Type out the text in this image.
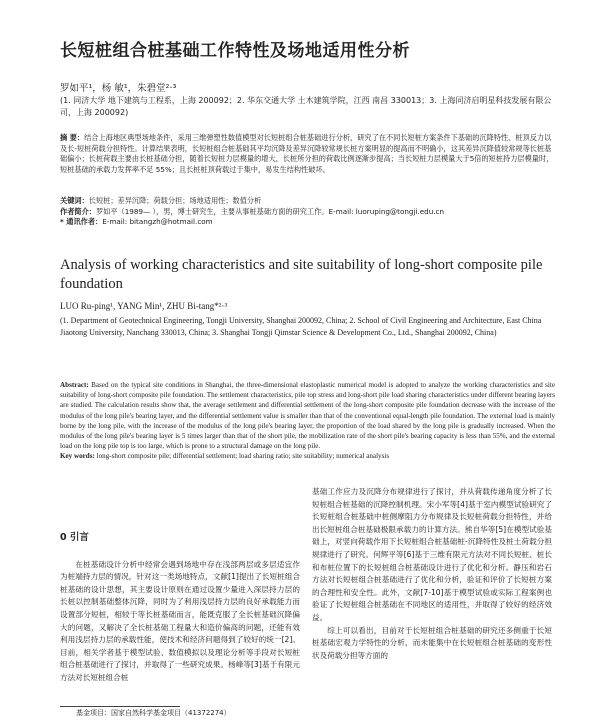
长短桩组合桩基础工作特性及场地适用性分析
罗如平¹，杨 敏¹，朱碧堂²·³
(1. 同济大学 地下建筑与工程系，上海 200092；2. 华东交通大学 土木建筑学院，江西 南昌 330013；3. 上海同济启明星科技发展有限公司，上海 200092)
摘 要：结合上海地区典型场地条件，采用三维弹塑性数值模型对长短桩组合桩基础进行分析，研究了在不同长短桩方案条件下基础的沉降特性、桩顶反力以及长-短桩荷载分担特性。计算结果表明，长短桩组合桩基础其平均沉降及差异沉降较常规长桩方案明显的提高而不明确小，这其差异沉降值较常规等长桩基础偏小；长桩荷载主要由长桩基础分担，随着长短桩力层模量的增大，长桩所分担的荷载比例逐渐步提高；当长短桩力层模量大于5倍的短桩持力层模量时，短桩基础的承载力发挥率不足 55%；且长桩桩顶荷载过于集中，易发生结构性破坏。
关键词：长短桩；差异沉降；荷载分担；场地适用性；数值分析
作者简介：罗如平（1989— ），男，博士研究生，主要从事桩基础方面的研究工作。E-mail: luoruping@tongji.edu.cn
* 通讯作者：E-mail: bitangzh@hotmail.com
Analysis of working characteristics and site suitability of long-short composite pile foundation
LUO Ru-ping¹, YANG Min¹, ZHU Bi-tang*²·³
(1. Department of Geotechnical Engineering, Tongji University, Shanghai 200092, China; 2. School of Civil Engineering and Architecture, East China Jiaotong University, Nanchang 330013, China; 3. Shanghai Tongji Qimstar Science & Development Co., Ltd., Shanghai 200092, China)
Abstract: Based on the typical site conditions in Shanghai, the three-dimensional elastoplastic numerical model is adopted to analyze the working characteristics and site suitability of long-short composite pile foundation. The settlement characteristics, pile top stress and long-short pile load sharing characteristics under different bearing layers are studied. The calculation results show that, the average settlement and differential settlement of the long-short composite pile foundation decrease with the increase of the modulus of the long pile's bearing layer, and the differential settlement value is smaller than that of the conventional equal-length pile foundation. The external load is mainly borne by the long pile, with the increase of the modulus of the long pile's bearing layer, the proportion of the load shared by the long pile is gradually increased. When the modulus of the long pile's bearing layer is 5 times larger than that of the short pile, the mobilization rate of the short pile's bearing capacity is less than 55%, and the external load on the long pile top is too large, which is prone to a structural damage on the long pile.
Key words: long-short composite pile; differential settlement; load sharing ratio; site suitability; numerical analysis
0 引言

在桩基础设计分析中经常会遇到场地中存在浅部两层或多层适宜作为桩端持力层的情况，针对这一类场地特点，文献[1]提出了长短桩组合桩基础的设计思想，其主要设计原则在通过设置少量进入深层持力层的长桩以控制基础整体沉降，同时为了利用浅层持力层的良好承载能力而设置部分短桩，相较于等长桩基础而言，能既克服了全长桩基础沉降偏大的问题，又解决了全长桩基础工程量大和造价偏高的问题，还能有效利用浅层持力层的承载性能，使技术和经济问题得到了较好的统一[2]。目前，相关学者基于模型试验、数值模拟以及理论分析等手段对长短桩组合桩基础进行了探讨，并取得了一些研究成果。杨峰等[3]基于有限元方法对长短桩组合桩

基础工作应力及沉降分布规律进行了探讨，并从荷载传递角度分析了长短桩组合桩基础的沉降控制机理。宋小军等[4]基于室内模型试验研究了长短桩组合桩基础中桩侧摩阻力分布规律及长短桩荷载分担特性，并给出长短桩组合桩基础极限承载力的计算方法。熊自华等[5]在模型试验基础上，对竖向荷载作用下长短桩组合桩基础桩-沉降特性及桩土荷载分担规律进行了研究。何辉平等[6]基于三维有限元方法对不同长短桩、桩长和布桩位置下的长短桩组合桩基础设计进行了优化和分析。静压和岩石方法对长短桩组合桩基础进行了优化和分析，验证和评价了长短桩方案的合理性和安全性。此外，文献[7-10]基于模型试验或实际工程案例也验证了长短桩组合桩基础在不同地区的适用性，并取得了较好的经济效益。

综上可以看出，目前对于长短桩组合桩基础的研究还多侧重于长短桩基础宏观力学特性的分析，而未能集中在长短桩组合桩基础的变形性状及荷载分担等方面的

基金项目：国家自然科学基金项目（41372274）
